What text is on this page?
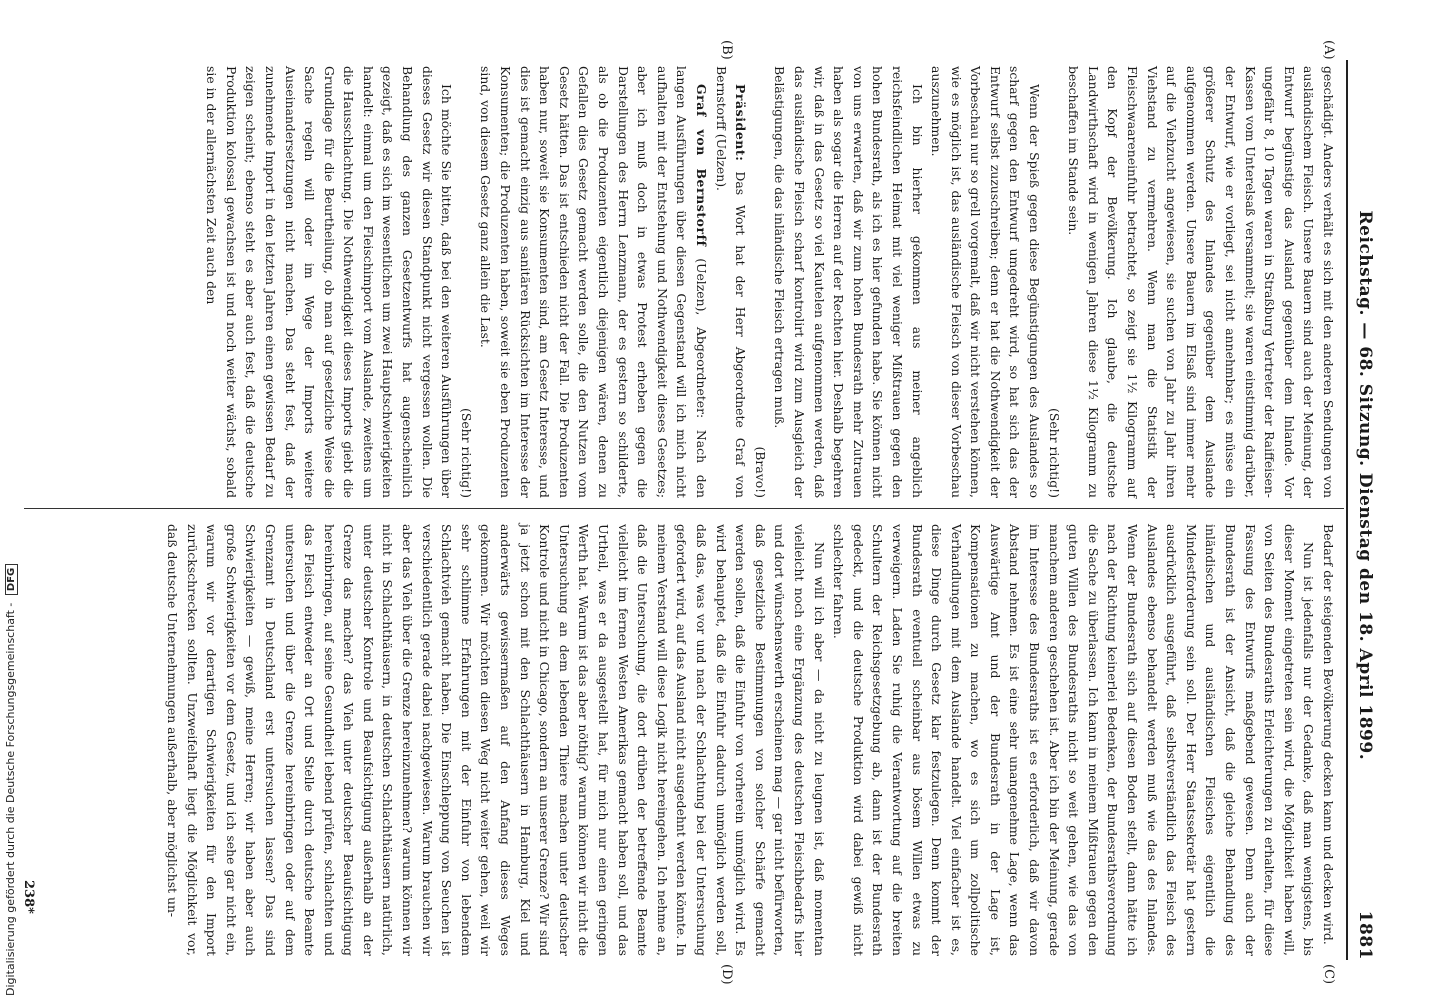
Reichstag. — 68. Sitzung. Dienstag den 18. April 1899.
1881
(A)
(B)
(C)
(D)

geschädigt. Anders verhält es sich mit den anderen Sendungen von ausländischem Fleisch. Unsere Bauern sind auch der Meinung, der Entwurf begünstige das Ausland gegenüber dem Inlande. Vor ungefähr 8, 10 Tagen waren in Straßburg Vertreter der Raiffeisen-Kassen vom Unterelsaß versammelt; sie waren einstimmig darüber, der Entwurf, wie er vorliegt, sei nicht annehmbar; es müsse ein größerer Schutz des Inlandes gegenüber dem Auslande aufgenommen werden. Unsere Bauern im Elsaß sind immer mehr auf die Viehzucht angewiesen, sie suchen von Jahr zu Jahr ihren Viehstand zu vermehren. Wenn man die Statistik der Fleischwaareneinfuhr betrachtet, so zeigt sie 1½ Kilogramm auf den Kopf der Bevölkerung. Ich glaube, die deutsche Landwirthschaft wird in wenigen Jahren diese 1½ Kilogramm zu beschaffen im Stande sein.

(Sehr richtig!)

Wenn der Spieß gegen diese Begünstigungen des Auslandes so scharf gegen den Entwurf umgedreht wird, so hat sich das der Entwurf selbst zuzuschreiben; denn er hat die Nothwendigkeit der Vorbeschau nur so grell vorgemalt, daß wir nicht verstehen können, wie es möglich ist, das ausländische Fleisch von dieser Vorbeschau auszunehmen.

Ich bin hierher gekommen aus meiner angeblich reichsfeindlichen Heimat mit viel weniger Mißtrauen gegen den hohen Bundesrath, als ich es hier gefunden habe. Sie können nicht von uns erwarten, daß wir zum hohen Bundesrath mehr Zutrauen haben als sogar die Herren auf der Rechten hier. Deshalb begehren wir, daß in das Gesetz so viel Kautelen aufgenommen werden, daß das ausländische Fleisch scharf kontrolirt wird zum Ausgleich der Belästigungen, die das inländische Fleisch ertragen muß.

(Bravo!)

Präsident: Das Wort hat der Herr Abgeordnete Graf von Bernstorff (Uelzen).

Graf von Bernstorff (Uelzen), Abgeordneter: Nach den langen Ausführungen über diesen Gegenstand will ich mich nicht aufhalten mit der Entstehung und Nothwendigkeit dieses Gesetzes; aber ich muß doch in etwas Protest erheben gegen die Darstellungen des Herrn Lenzmann, der es gestern so schilderte, als ob die Produzenten eigentlich diejenigen wären, denen zu Gefallen dies Gesetz gemacht werden solle, die den Nutzen vom Gesetz hätten. Das ist entschieden nicht der Fall. Die Produzenten haben nur, soweit sie Konsumenten sind, am Gesetz Interesse, und dies ist gemacht einzig aus sanitären Rücksichten im Interesse der Konsumenten; die Produzenten haben, soweit sie eben Produzenten sind, von diesem Gesetz ganz allein die Last.

(Sehr richtig!)

Ich möchte Sie bitten, daß bei den weiteren Ausführungen über dieses Gesetz wir diesen Standpunkt nicht vergessen wollen. Die Behandlung des ganzen Gesetzentwurfs hat augenscheinlich gezeigt, daß es sich im wesentlichen um zwei Hauptschwierigkeiten handelt: einmal um den Fleischimport vom Auslande, zweitens um die Hausschlachtung. Die Nothwendigkeit dieses Imports giebt die Grundlage für die Beurtheilung, ob man auf gesetzliche Weise die Sache regeln will oder im Wege der Imports weitere Auseinandersetzungen nicht machen. Das steht fest, daß der zunehmende Import in den letzten Jahren einen gewissen Bedarf zu zeigen scheint; ebenso steht es aber auch fest, daß die deutsche Produktion kolossal gewachsen ist und noch weiter wächst, sobald sie in der allernächsten Zeit auch den

Bedarf der steigenden Bevölkerung decken kann und decken wird.

Nun ist jedenfalls nur der Gedanke, daß man wenigstens, bis dieser Moment eingetreten sein wird, die Möglichkeit haben will, von Seiten des Bundesraths Erleichterungen zu erhalten, für diese Fassung des Entwurfs maßgebend gewesen. Denn auch der Bundesrath ist der Ansicht, daß die gleiche Behandlung des inländischen und ausländischen Fleisches eigentlich die Mindestforderung sein soll. Der Herr Staatssekretär hat gestern ausdrücklich ausgeführt, daß selbstverständlich das Fleisch des Auslandes ebenso behandelt werden muß wie das des Inlandes. Wenn der Bundesrath sich auf diesen Boden stellt, dann hätte ich nach der Richtung keinerlei Bedenken, der Bundesrathsverordnung die Sache zu überlassen. Ich kann in meinem Mißtrauen gegen den guten Willen des Bundesraths nicht so weit gehen, wie das von manchem anderen geschehen ist. Aber ich bin der Meinung, gerade im Interesse des Bundesraths ist es erforderlich, daß wir davon Abstand nehmen. Es ist eine sehr unangenehme Lage, wenn das Auswärtige Amt und der Bundesrath in der Lage ist, Kompensationen zu machen, wo es sich um zollpolitische Verhandlungen mit dem Auslande handelt. Viel einfacher ist es, diese Dinge durch Gesetz klar festzulegen. Denn kommt der Bundesrath eventuell scheinbar aus bösem Willen etwas zu verweigern. Laden Sie ruhig die Verantwortung auf die breiten Schultern der Reichsgesetzgebung ab, dann ist der Bundesrath gedeckt, und die deutsche Produktion wird dabei gewiß nicht schlechter fahren.

Nun will ich aber — da nicht zu leugnen ist, daß momentan vielleicht noch eine Ergänzung des deutschen Fleischbedarfs hier und dort wünschenswerth erscheinen mag — gar nicht befürworten, daß gesetzliche Bestimmungen von solcher Schärfe gemacht werden sollen, daß die Einfuhr von vorherein unmöglich wird. Es wird behauptet, daß die Einfuhr dadurch unmöglich werden soll, daß das, was vor und nach der Schlachtung bei der Untersuchung gefordert wird, auf das Ausland nicht ausgedehnt werden könnte. In meinem Verstand will diese Logik nicht hereingehen. Ich nehme an, daß die Untersuchung, die dort drüben der betreffende Beamte vielleicht im fernen Westen Amerikas gemacht haben soll, und das Urtheil, was er da ausgestellt hat, für mich nur einen geringen Werth hat. Warum ist das aber nöthig? warum können wir nicht die Untersuchung an dem lebenden Thiere machen unter deutscher Kontrole und nicht in Chicago, sondern an unserer Grenze? Wir sind ja jetzt schon mit den Schlachthäusern in Hamburg, Kiel und anderwärts gewissermaßen auf den Anfang dieses Weges gekommen. Wir möchten diesen Weg nicht weiter gehen, weil wir sehr schlimme Erfahrungen mit der Einfuhr von lebendem Schlachtvieh gemacht haben. Die Einschleppung von Seuchen ist verschiedentlich gerade dabei nachgewiesen. Warum brauchen wir aber das Vieh über die Grenze hereinzunehmen? warum können wir nicht in Schlachthäusern, in deutschen Schlachthäusern natürlich, unter deutscher Kontrole und Beaufsichtigung außerhalb an der Grenze das machen? das Vieh unter deutscher Beaufsichtigung hereinbringen, auf seine Gesundheit lebend prüfen, schlachten und das Fleisch entweder an Ort und Stelle durch deutsche Beamte untersuchen und über die Grenze hereinbringen oder auf dem Grenzamt in Deutschland erst untersuchen lassen? Das sind Schwierigkeiten — gewiß, meine Herren; wir haben aber auch große Schwierigkeiten vor dem Gesetz, und ich sehe gar nicht ein, warum wir vor derartigen Schwierigkeiten für den Import zurückschrecken sollten. Unzweifelhaft liegt die Möglichkeit vor, daß deutsche Unternehmungen außerhalb, aber möglichst un-

238*
Digitalisierung gefördert durch die Deutsche Forschungsgemeinschaft - DFG
